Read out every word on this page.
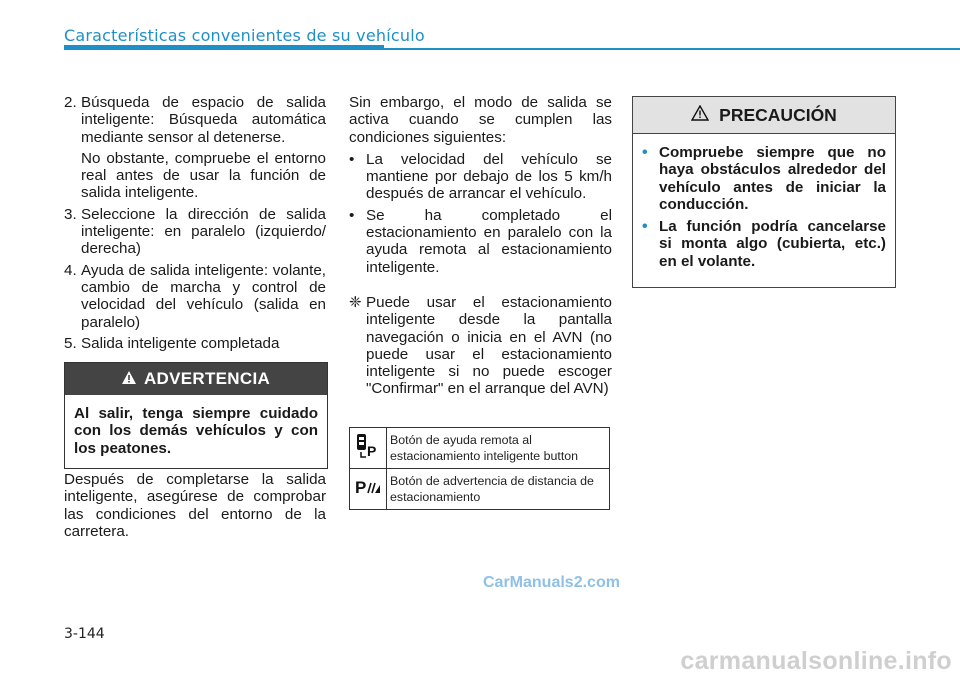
Características convenientes de su vehículo
2. Búsqueda de espacio de salida inteligente: Búsqueda automática mediante sensor al detenerse.
No obstante, compruebe el entorno real antes de usar la función de salida inteligente.
3. Seleccione la dirección de salida inteligente: en paralelo (izquierdo/ derecha)
4. Ayuda de salida inteligente: volante, cambio de marcha y control de velocidad del vehículo (salida en paralelo)
5. Salida inteligente completada
ADVERTENCIA
Al salir, tenga siempre cuidado con los demás vehículos y con los peatones.
Después de completarse la salida inteligente, asegúrese de comprobar las condiciones del entorno de la carretera.
Sin embargo, el modo de salida se activa cuando se cumplen las condiciones siguientes:
• La velocidad del vehículo se mantiene por debajo de los 5 km/h después de arrancar el vehículo.
• Se ha completado el estacionamiento en paralelo con la ayuda remota al estacionamiento inteligente.
❈ Puede usar el estacionamiento inteligente desde la pantalla navegación o inicia en el AVN (no puede usar el estacionamiento inteligente si no puede escoger "Confirmar" en el arranque del AVN)
P	Botón de ayuda remota al estacionamiento inteligente button

P	Botón de advertencia de distancia de estacionamiento
PRECAUCIÓN
• Compruebe siempre que no haya obstáculos alrededor del vehículo antes de iniciar la conducción.
• La función podría cancelarse si monta algo (cubierta, etc.) en el volante.
CarManuals2.com
3-144
carmanualsonline.info
